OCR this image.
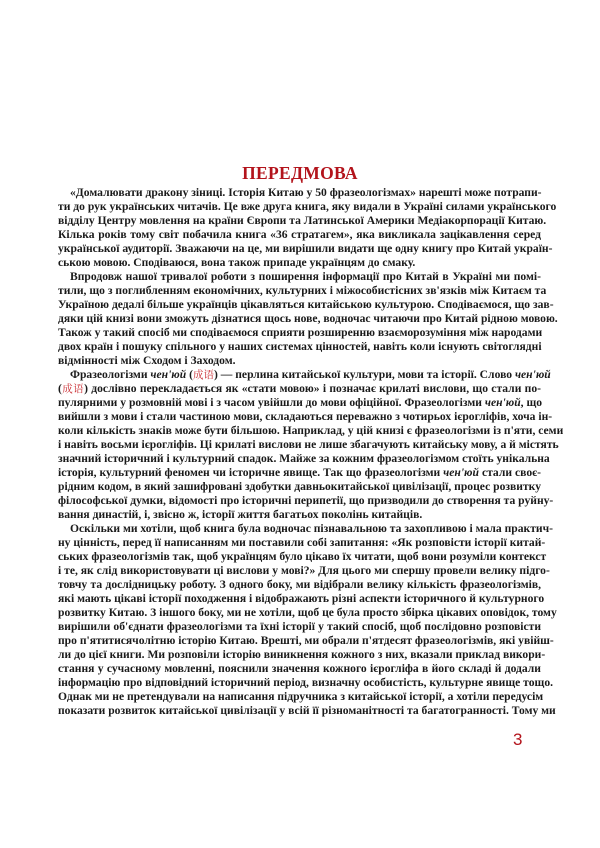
ПЕРЕДМОВА
«Домалювати дракону зіниці. Історія Китаю у 50 фразеологізмах» нарешті може потрапи-
ти до рук українських читачів. Це вже друга книга, яку видали в Україні силами українського
відділу Центру мовлення на країни Європи та Латинської Америки Медіакорпорації Китаю.
Кілька років тому світ побачила книга «36 стратагем», яка викликала зацікавлення серед
української аудиторії. Зважаючи на це, ми вирішили видати ще одну книгу про Китай україн-
ською мовою. Сподіваюся, вона також припаде українцям до смаку.
Впродовж нашої тривалої роботи з поширення інформації про Китай в Україні ми помі-
тили, що з поглибленням економічних, культурних і міжособистісних зв'язків між Китаєм та
Україною дедалі більше українців цікавляться китайською культурою. Сподіваємося, що зав-
дяки цій книзі вони зможуть дізнатися щось нове, водночас читаючи про Китай рідною мовою.
Також у такий спосіб ми сподіваємося сприяти розширенню взаєморозуміння між народами
двох країн і пошуку спільного у наших системах цінностей, навіть коли існують світоглядні
відмінності між Сходом і Заходом.
Фразеологізми чен'юй (成语) — перлина китайської культури, мови та історії. Слово чен'юй
(成语) дослівно перекладається як «стати мовою» і позначає крилаті вислови, що стали по-
пулярними у розмовній мові і з часом увійшли до мови офіційної. Фразеологізми чен'юй, що
вийшли з мови і стали частиною мови, складаються переважно з чотирьох ієрогліфів, хоча ін-
коли кількість знаків може бути більшою. Наприклад, у цій книзі є фразеологізми із п'яти, семи
і навіть восьми ієрогліфів. Ці крилаті вислови не лише збагачують китайську мову, а й містять
значний історичний і культурний спадок. Майже за кожним фразеологізмом стоїть унікальна
історія, культурний феномен чи історичне явище. Так що фразеологізми чен'юй стали своє-
рідним кодом, в який зашифровані здобутки давньокитайської цивілізації, процес розвитку
філософської думки, відомості про історичні перипетії, що призводили до створення та руйну-
вання династій, і, звісно ж, історії життя багатьох поколінь китайців.
Оскільки ми хотіли, щоб книга була водночас пізнавальною та захопливою і мала практич-
ну цінність, перед її написанням ми поставили собі запитання: «Як розповісти історії китай-
ських фразеологізмів так, щоб українцям було цікаво їх читати, щоб вони розуміли контекст
і те, як слід використовувати ці вислови у мові?» Для цього ми спершу провели велику підго-
товчу та дослідницьку роботу. З одного боку, ми відібрали велику кількість фразеологізмів,
які мають цікаві історії походження і відображають різні аспекти історичного й культурного
розвитку Китаю. З іншого боку, ми не хотіли, щоб це була просто збірка цікавих оповідок, тому
вирішили об'єднати фразеологізми та їхні історії у такий спосіб, щоб послідовно розповісти
про п'ятитисячолітню історію Китаю. Врешті, ми обрали п'ятдесят фразеологізмів, які увійш-
ли до цієї книги. Ми розповіли історію виникнення кожного з них, вказали приклад викори-
стання у сучасному мовленні, пояснили значення кожного ієрогліфа в його складі й додали
інформацію про відповідний історичний період, визначну особистість, культурне явище тощо.
Однак ми не претендували на написання підручника з китайської історії, а хотіли передусім
показати розвиток китайської цивілізації у всій її різноманітності та багатогранності. Тому ми
3
